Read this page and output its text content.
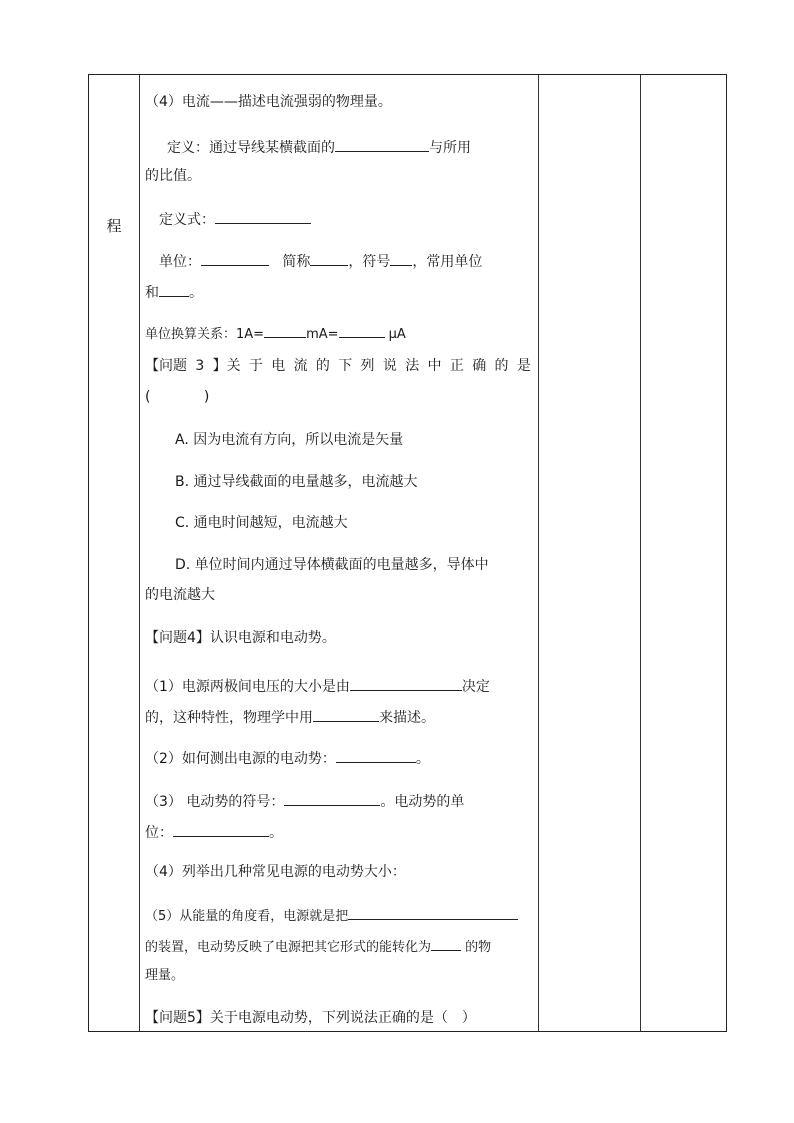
程
（4）电流——描述电流强弱的物理量。
定义：通过导线某横截面的	与所用
的比值。
定义式：
单位：	简称	，符号 ，常用单位
和 。
单位换算关系：1A=	mA=	μA
【问题 3 】关 于 电 流 的 下 列 说 法 中 正 确 的 是
(            )
A. 因为电流有方向，所以电流是矢量
B. 通过导线截面的电量越多，电流越大
C. 通电时间越短，电流越大
D. 单位时间内通过导体横截面的电量越多，导体中
的电流越大
【问题4】认识电源和电动势。
（1）电源两极间电压的大小是由	决定
的，这种特性，物理学中用	来描述。
（2）如何测出电源的电动势：	。
（3） 电动势的符号：	。电动势的单
位：	。
（4）列举出几种常见电源的电动势大小：
（5）从能量的角度看，电源就是把
的装置，电动势反映了电源把其它形式的能转化为	的物
理量。
【问题5】关于电源电动势，下列说法正确的是（　）
